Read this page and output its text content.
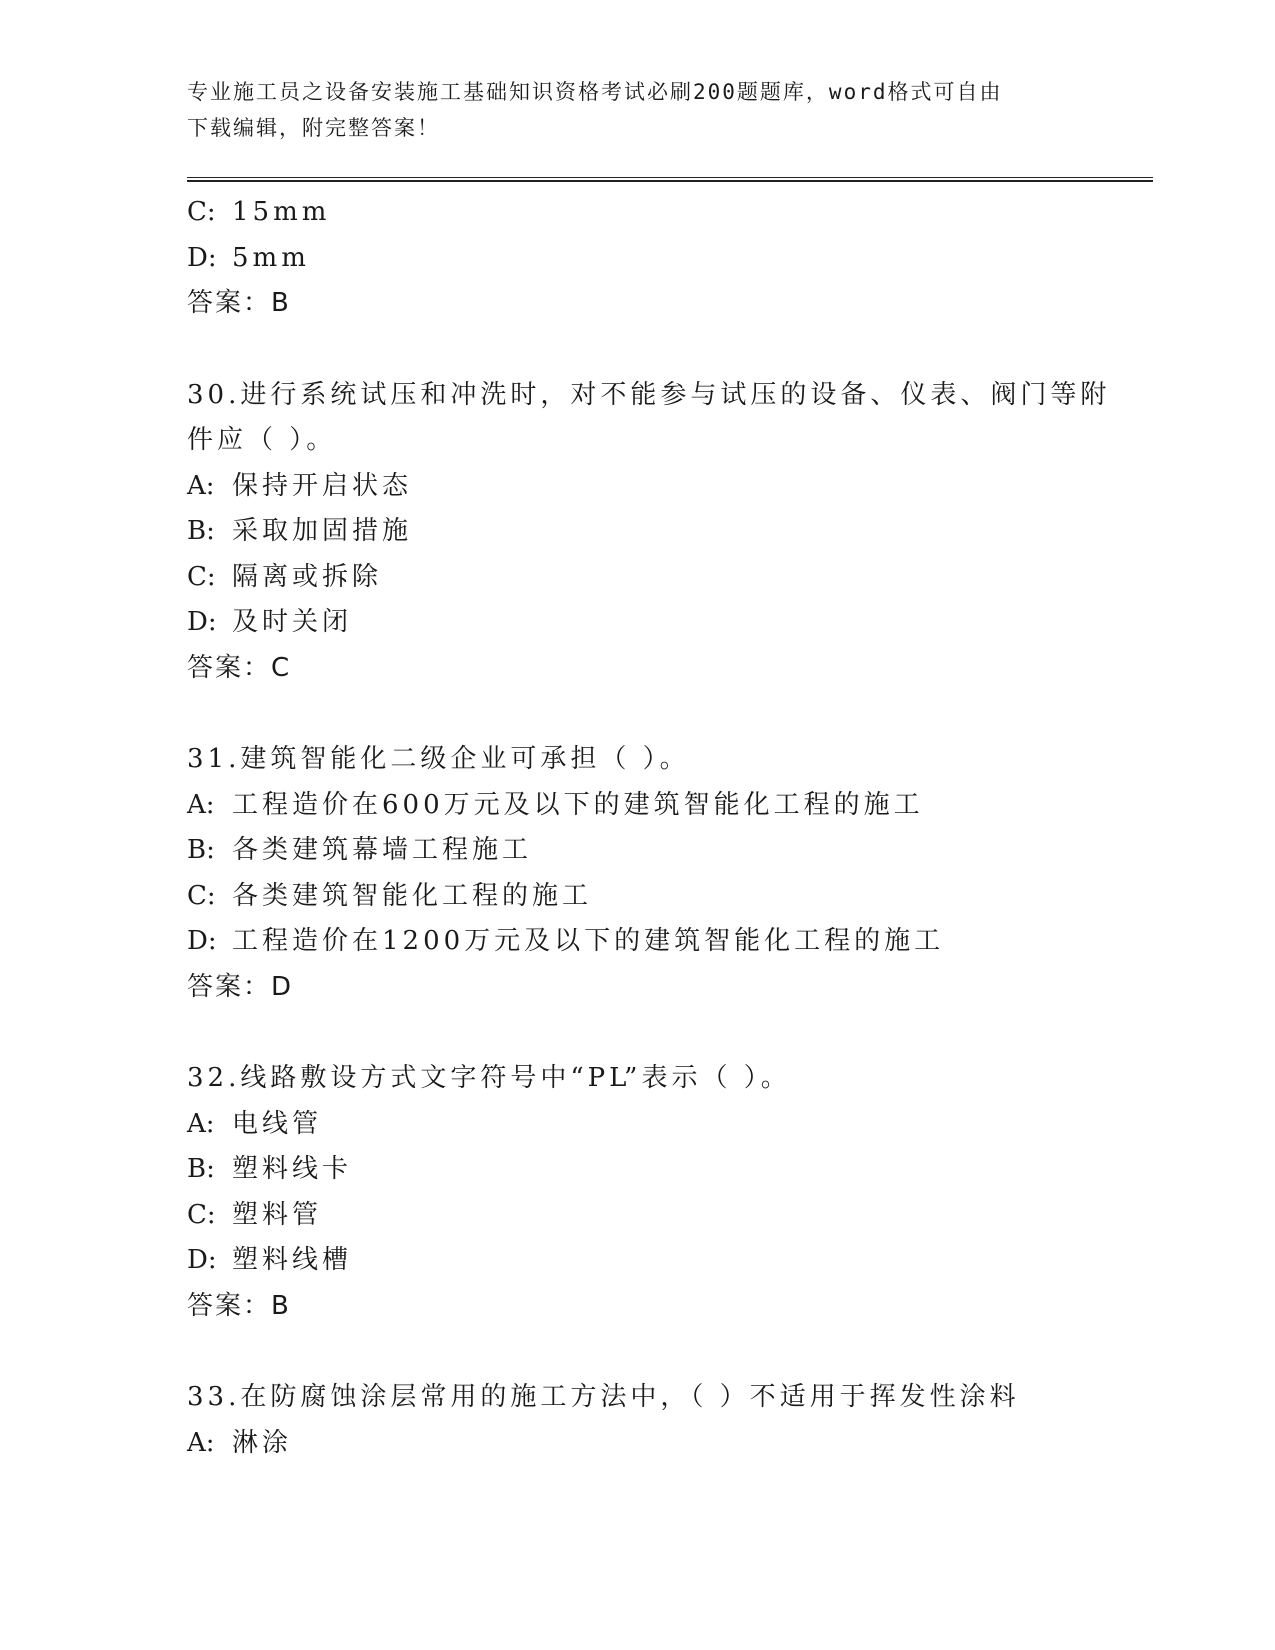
专业施工员之设备安装施工基础知识资格考试必刷200题题库，word格式可自由
下载编辑，附完整答案！
C: 15mm
D: 5mm
答案：B
30.进行系统试压和冲洗时，对不能参与试压的设备、仪表、阀门等附
件应（ ）。
A: 保持开启状态
B: 采取加固措施
C: 隔离或拆除
D: 及时关闭
答案：C
31.建筑智能化二级企业可承担（ ）。
A: 工程造价在600万元及以下的建筑智能化工程的施工
B: 各类建筑幕墙工程施工
C: 各类建筑智能化工程的施工
D: 工程造价在1200万元及以下的建筑智能化工程的施工
答案：D
32.线路敷设方式文字符号中“PL”表示（ ）。
A: 电线管
B: 塑料线卡
C: 塑料管
D: 塑料线槽
答案：B
33.在防腐蚀涂层常用的施工方法中，（ ）不适用于挥发性涂料
A: 淋涂
